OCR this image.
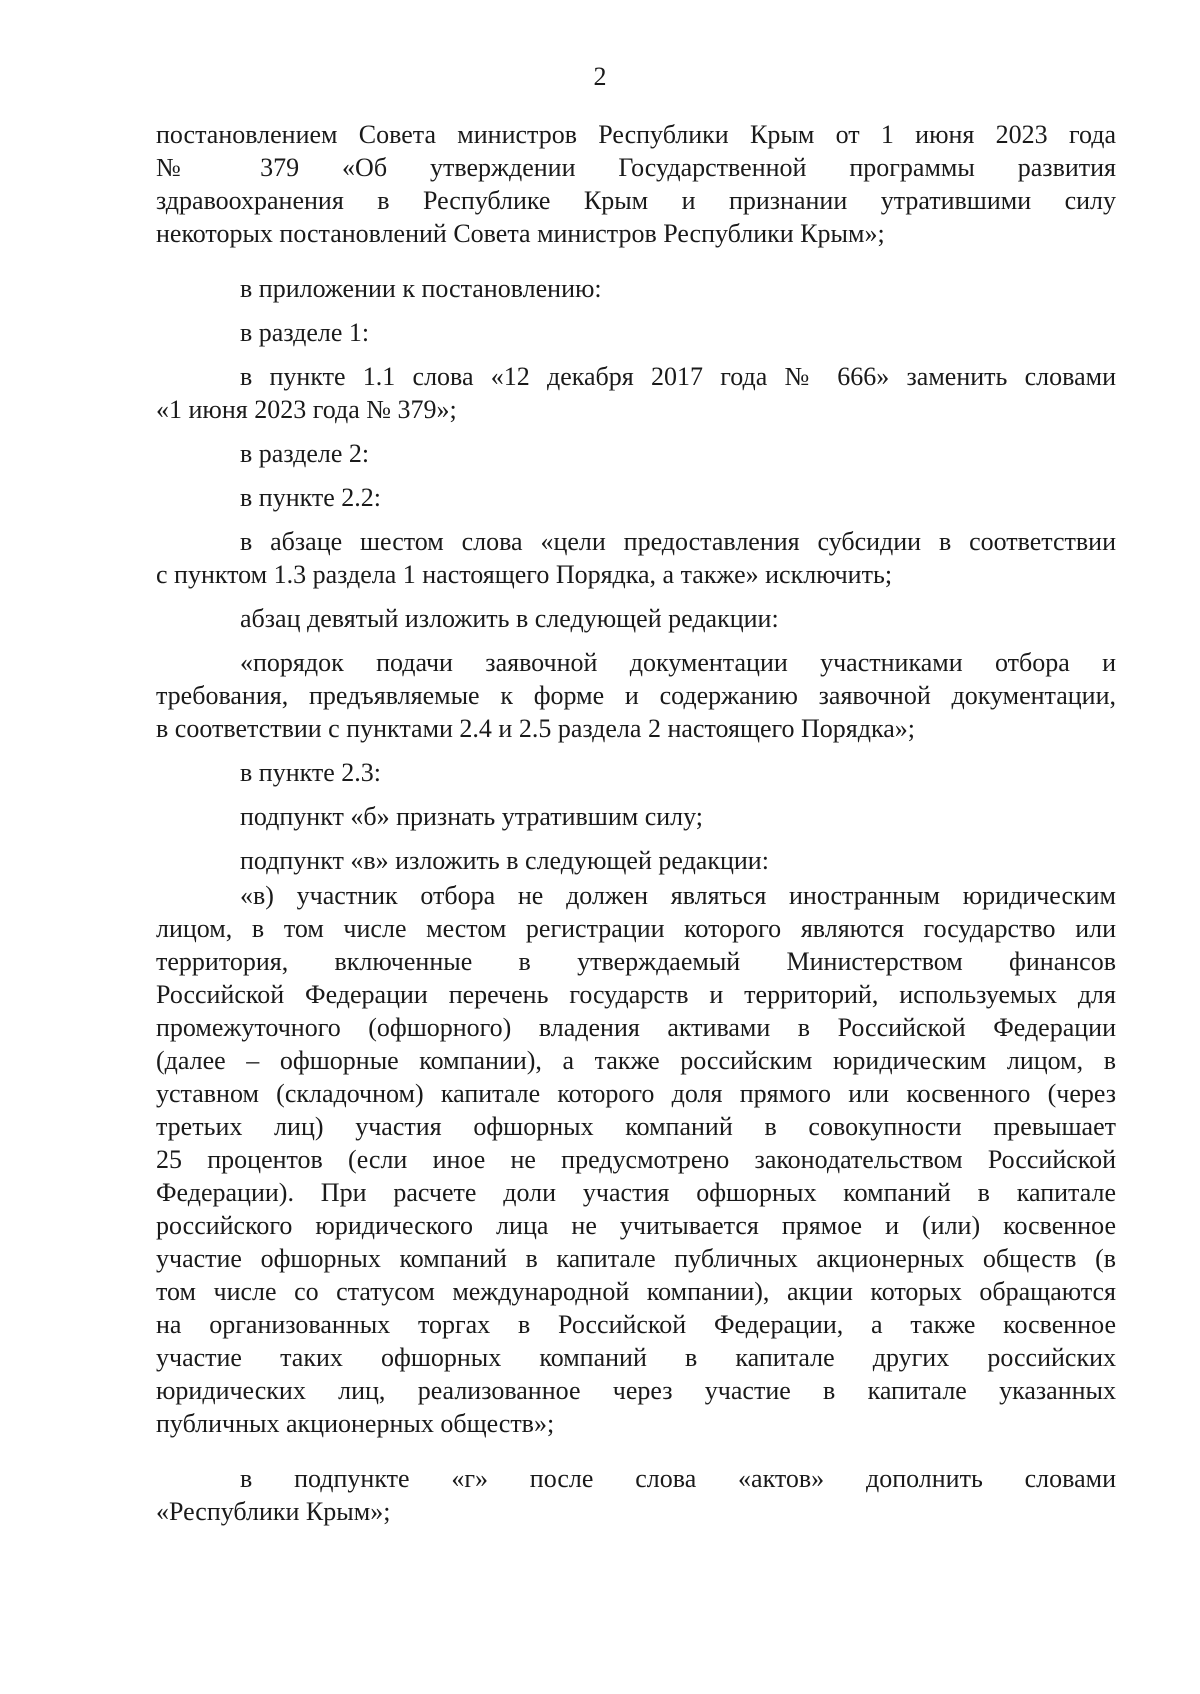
2
постановлением Совета министров Республики Крым от 1 июня 2023 года
№ 379 «Об утверждении Государственной программы развития
здравоохранения в Республике Крым и признании утратившими силу
некоторых постановлений Совета министров Республики Крым»;
в приложении к постановлению:
в разделе 1:
в пункте 1.1 слова «12 декабря 2017 года № 666» заменить словами
«1 июня 2023 года № 379»;
в разделе 2:
в пункте 2.2:
в абзаце шестом слова «цели предоставления субсидии в соответствии
с пунктом 1.3 раздела 1 настоящего Порядка, а также» исключить;
абзац девятый изложить в следующей редакции:
«порядок подачи заявочной документации участниками отбора и
требования, предъявляемые к форме и содержанию заявочной документации,
в соответствии с пунктами 2.4 и 2.5 раздела 2 настоящего Порядка»;
в пункте 2.3:
подпункт «б» признать утратившим силу;
подпункт «в» изложить в следующей редакции:
«в) участник отбора не должен являться иностранным юридическим
лицом, в том числе местом регистрации которого являются государство или
территория, включенные в утверждаемый Министерством финансов
Российской Федерации перечень государств и территорий, используемых для
промежуточного (офшорного) владения активами в Российской Федерации
(далее – офшорные компании), а также российским юридическим лицом, в
уставном (складочном) капитале которого доля прямого или косвенного (через
третьих лиц) участия офшорных компаний в совокупности превышает
25 процентов (если иное не предусмотрено законодательством Российской
Федерации). При расчете доли участия офшорных компаний в капитале
российского юридического лица не учитывается прямое и (или) косвенное
участие офшорных компаний в капитале публичных акционерных обществ (в
том числе со статусом международной компании), акции которых обращаются
на организованных торгах в Российской Федерации, а также косвенное
участие таких офшорных компаний в капитале других российских
юридических лиц, реализованное через участие в капитале указанных
публичных акционерных обществ»;
в подпункте «г» после слова «актов» дополнить словами
«Республики Крым»;
